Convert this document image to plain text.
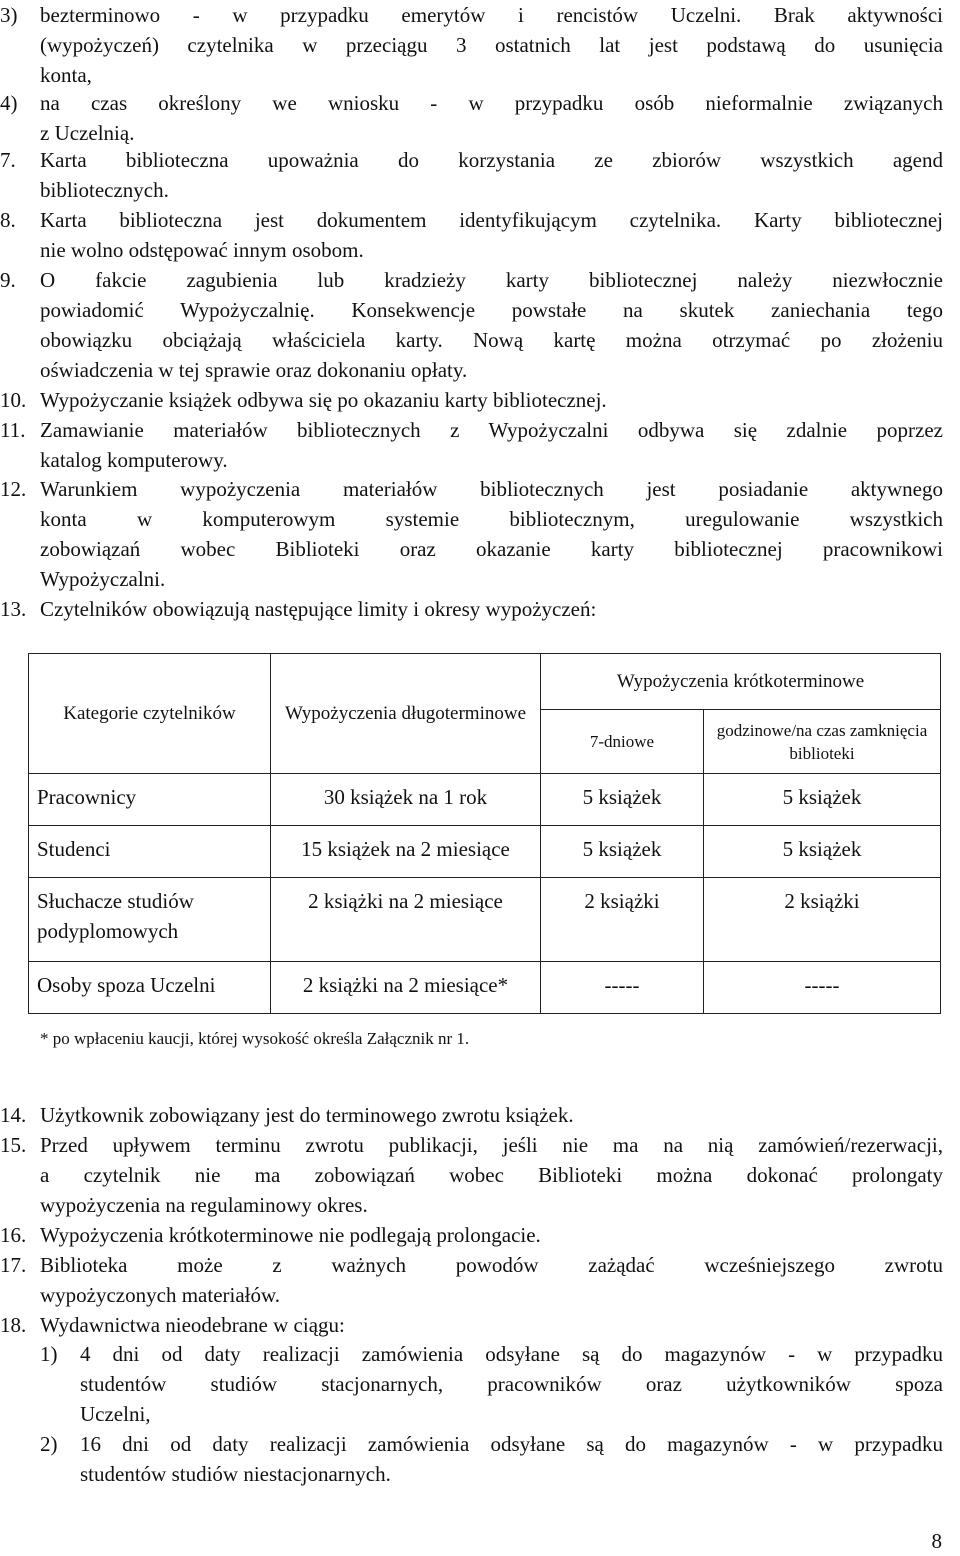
3)	bezterminowo - w przypadku emerytów i rencistów Uczelni. Brak aktywności
(wypożyczeń) czytelnika w przeciągu 3 ostatnich lat jest podstawą do usunięcia
konta,
4)	na czas określony we wniosku - w przypadku osób nieformalnie związanych
z Uczelnią.
7.	Karta biblioteczna upoważnia do korzystania ze zbiorów wszystkich agend
bibliotecznych.
8.	Karta biblioteczna jest dokumentem identyfikującym czytelnika. Karty bibliotecznej
nie wolno odstępować innym osobom.
9.	O fakcie zagubienia lub kradzieży karty bibliotecznej należy niezwłocznie
powiadomić Wypożyczalnię. Konsekwencje powstałe na skutek zaniechania tego
obowiązku obciążają właściciela karty. Nową kartę można otrzymać po złożeniu
oświadczenia w tej sprawie oraz dokonaniu opłaty.
10. Wypożyczanie książek odbywa się po okazaniu karty bibliotecznej.
11. Zamawianie materiałów bibliotecznych z Wypożyczalni odbywa się zdalnie poprzez
katalog komputerowy.
12. Warunkiem wypożyczenia materiałów bibliotecznych jest posiadanie aktywnego
konta w komputerowym systemie bibliotecznym, uregulowanie wszystkich
zobowiązań wobec Biblioteki oraz okazanie karty bibliotecznej pracownikowi
Wypożyczalni.
13. Czytelników obowiązują następujące limity i okresy wypożyczeń:
Kategorie czytelników	Wypożyczenia długoterminowe	Wypożyczenia krótkoterminowe	
		7-dniowe	godzinowe/na czas zamknięcia biblioteki
Pracownicy	30 książek na 1 rok	5 książek	5 książek
Studenci	15 książek na 2 miesiące	5 książek	5 książek
Słuchacze studiów podyplomowych	2 książki na 2 miesiące	2 książki	2 książki
Osoby spoza Uczelni	2 książki na 2 miesiące*	-----	-----
* po wpłaceniu kaucji, której wysokość określa Załącznik nr 1.
14. Użytkownik zobowiązany jest do terminowego zwrotu książek.
15. Przed upływem terminu zwrotu publikacji, jeśli nie ma na nią zamówień/rezerwacji,
a czytelnik nie ma zobowiązań wobec Biblioteki można dokonać prolongaty
wypożyczenia na regulaminowy okres.
16. Wypożyczenia krótkoterminowe nie podlegają prolongacie.
17. Biblioteka może z ważnych powodów zażądać wcześniejszego zwrotu
wypożyczonych materiałów.
18. Wydawnictwa nieodebrane w ciągu:
1)	4 dni od daty realizacji zamówienia odsyłane są do magazynów - w przypadku
studentów studiów stacjonarnych, pracowników oraz użytkowników spoza
Uczelni,
2)	16 dni od daty realizacji zamówienia odsyłane są do magazynów - w przypadku
studentów studiów niestacjonarnych.
8
